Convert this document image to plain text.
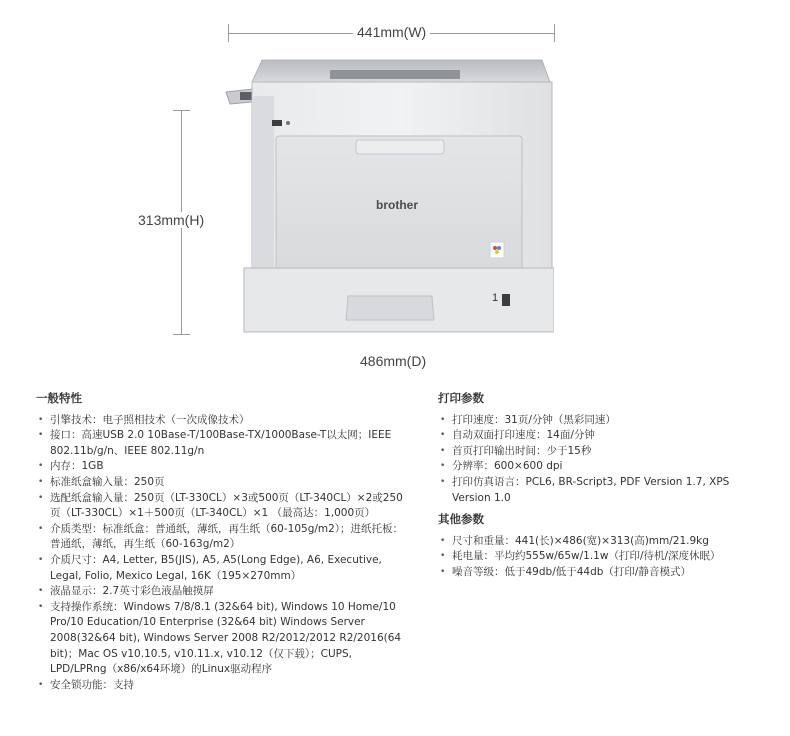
441mm(W)
313mm(H)
486mm(D)
brother
1
一般特性
• 引擎技术：电子照相技术（一次成像技术）
• 接口：高速USB 2.0 10Base-T/100Base-TX/1000Base-T以太网；IEEE 802.11b/g/n、IEEE 802.11g/n
• 内存：1GB
• 标准纸盒输入量：250页
• 选配纸盒输入量：250页（LT-330CL）×3或500页（LT-340CL）×2或250页（LT-330CL）×1＋500页（LT-340CL）×1 （最高达：1,000页）
• 介质类型：标准纸盒：普通纸，薄纸，再生纸（60-105g/m2）；进纸托板：普通纸，薄纸，再生纸（60-163g/m2）
• 介质尺寸：A4, Letter, B5(JIS), A5, A5(Long Edge), A6, Executive, Legal, Folio, Mexico Legal, 16K（195×270mm）
• 液晶显示：2.7英寸彩色液晶触摸屏
• 支持操作系统：Windows 7/8/8.1 (32&64 bit), Windows 10 Home/10 Pro/10 Education/10 Enterprise (32&64 bit) Windows Server 2008(32&64 bit), Windows Server 2008 R2/2012/2012 R2/2016(64 bit)；Mac OS v10.10.5, v10.11.x, v10.12（仅下载）；CUPS, LPD/LPRng（x86/x64环境）的Linux驱动程序
• 安全锁功能：支持
打印参数
• 打印速度：31页/分钟（黑彩同速）
• 自动双面打印速度：14面/分钟
• 首页打印输出时间：少于15秒
• 分辨率：600×600 dpi
• 打印仿真语言：PCL6, BR-Script3, PDF Version 1.7, XPS Version 1.0
其他参数
• 尺寸和重量：441(长)×486(宽)×313(高)mm/21.9kg
• 耗电量：平均约555w/65w/1.1w（打印/待机/深度休眠）
• 噪音等级：低于49db/低于44db（打印/静音模式）
